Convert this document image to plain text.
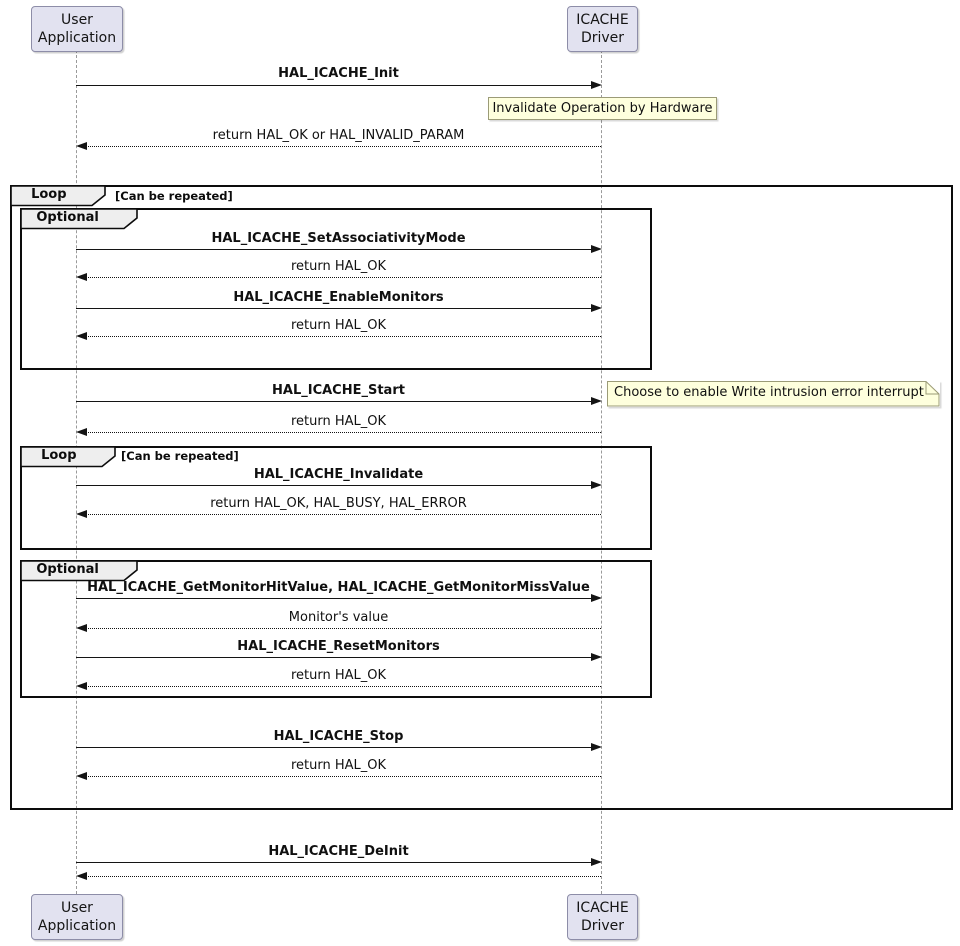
User
Application
ICACHE
Driver
Loop	[Can be repeated]
Optional
Loop	[Can be repeated]
Optional
HAL_ICACHE_Init
Invalidate Operation by Hardware
return HAL_OK or HAL_INVALID_PARAM
HAL_ICACHE_SetAssociativityMode
return HAL_OK
HAL_ICACHE_EnableMonitors
return HAL_OK
HAL_ICACHE_Start	Choose to enable Write intrusion error interrupt
return HAL_OK
HAL_ICACHE_Invalidate
return HAL_OK, HAL_BUSY, HAL_ERROR
HAL_ICACHE_GetMonitorHitValue, HAL_ICACHE_GetMonitorMissValue
Monitor's value
HAL_ICACHE_ResetMonitors
return HAL_OK
HAL_ICACHE_Stop
return HAL_OK
HAL_ICACHE_DeInit
User
Application
ICACHE
Driver
